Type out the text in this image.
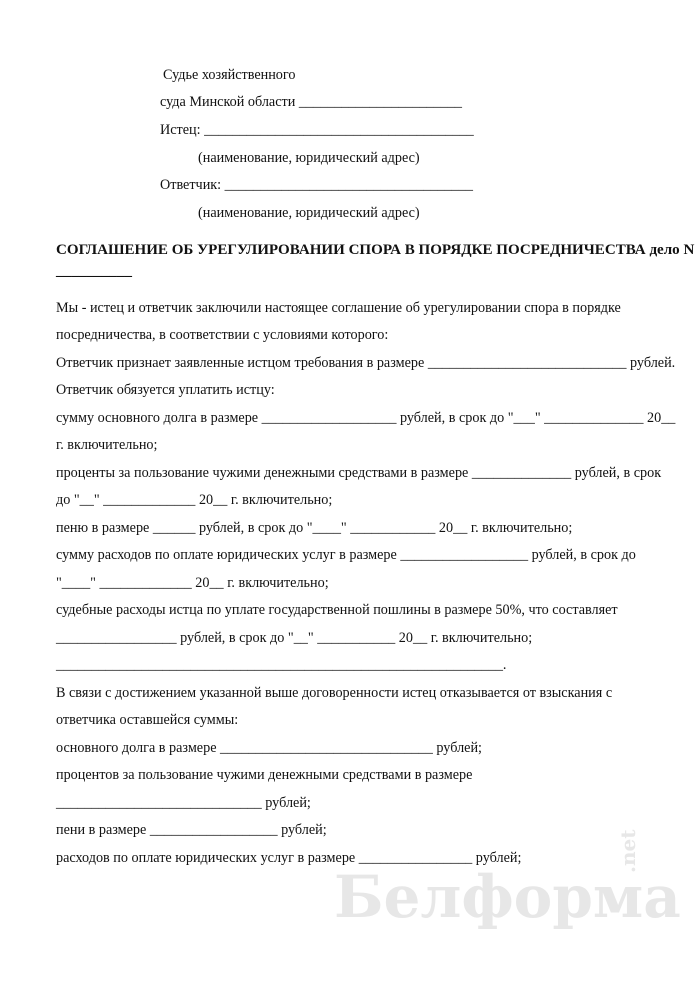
Судье хозяйственного

суда Минской области _______________________

Истец: ______________________________________

(наименование, юридический адрес)

Ответчик: ___________________________________

(наименование, юридический адрес)

СОГЛАШЕНИЕ ОБ УРЕГУЛИРОВАНИИ СПОРА В ПОРЯДКЕ ПОСРЕДНИЧЕСТВА дело N

__________

Мы - истец и ответчик заключили настоящее соглашение об урегулировании спора в порядке

посредничества, в соответствии с условиями которого:

Ответчик признает заявленные истцом требования в размере ____________________________ рублей.

Ответчик обязуется уплатить истцу:

сумму основного долга в размере ___________________ рублей, в срок до "___" ______________ 20__

г. включительно;

проценты за пользование чужими денежными средствами в размере ______________ рублей, в срок

до "__" _____________ 20__ г. включительно;

пеню в размере ______ рублей, в срок до "____" ____________ 20__ г. включительно;

сумму расходов по оплате юридических услуг в размере __________________ рублей, в срок до

"____" _____________ 20__ г. включительно;

судебные расходы истца по уплате государственной пошлины в размере 50%, что составляет

_________________ рублей, в срок до "__" ___________ 20__ г. включительно;

_______________________________________________________________.

В связи с достижением указанной выше договоренности истец отказывается от взыскания с

ответчика оставшейся суммы:

основного долга в размере ______________________________ рублей;

процентов за пользование чужими денежными средствами в размере

_____________________________ рублей;

пени в размере __________________ рублей;

расходов по оплате юридических услуг в размере ________________ рублей;

Белформа
.net
